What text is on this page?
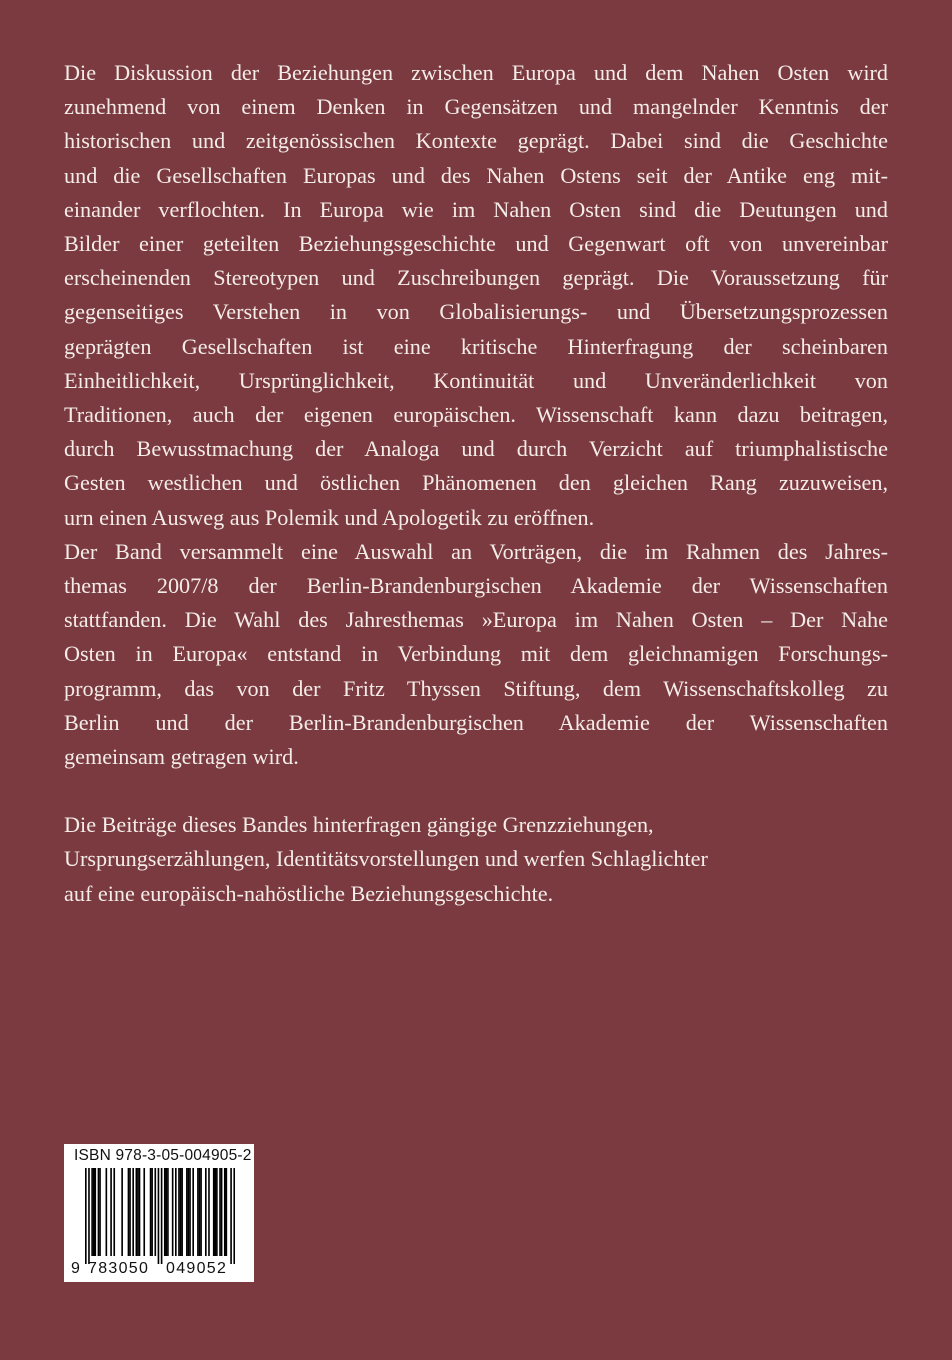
Die Diskussion der Beziehungen zwischen Europa und dem Nahen Osten wird
zunehmend von einem Denken in Gegensätzen und mangelnder Kenntnis der
historischen und zeitgenössischen Kontexte geprägt. Dabei sind die Geschichte
und die Gesellschaften Europas und des Nahen Ostens seit der Antike eng mit-
einander verflochten. In Europa wie im Nahen Osten sind die Deutungen und
Bilder einer geteilten Beziehungsgeschichte und Gegenwart oft von unvereinbar
erscheinenden Stereotypen und Zuschreibungen geprägt. Die Voraussetzung für
gegenseitiges Verstehen in von Globalisierungs- und Übersetzungsprozessen
geprägten Gesellschaften ist eine kritische Hinterfragung der scheinbaren
Einheitlichkeit, Ursprünglichkeit, Kontinuität und Unveränderlichkeit von
Traditionen, auch der eigenen europäischen. Wissenschaft kann dazu beitragen,
durch Bewusstmachung der Analoga und durch Verzicht auf triumphalistische
Gesten westlichen und östlichen Phänomenen den gleichen Rang zuzuweisen,
urn einen Ausweg aus Polemik und Apologetik zu eröffnen.
Der Band versammelt eine Auswahl an Vorträgen, die im Rahmen des Jahres-
themas 2007/8 der Berlin-Brandenburgischen Akademie der Wissenschaften
stattfanden. Die Wahl des Jahresthemas »Europa im Nahen Osten – Der Nahe
Osten in Europa« entstand in Verbindung mit dem gleichnamigen Forschungs-
programm, das von der Fritz Thyssen Stiftung, dem Wissenschaftskolleg zu
Berlin und der Berlin-Brandenburgischen Akademie der Wissenschaften
gemeinsam getragen wird.
Die Beiträge dieses Bandes hinterfragen gängige Grenzziehungen,
Ursprungserzählungen, Identitätsvorstellungen und werfen Schlaglichter
auf eine europäisch-nahöstliche Beziehungsgeschichte.
ISBN 978-3-05-004905-2
9 783050 049052
